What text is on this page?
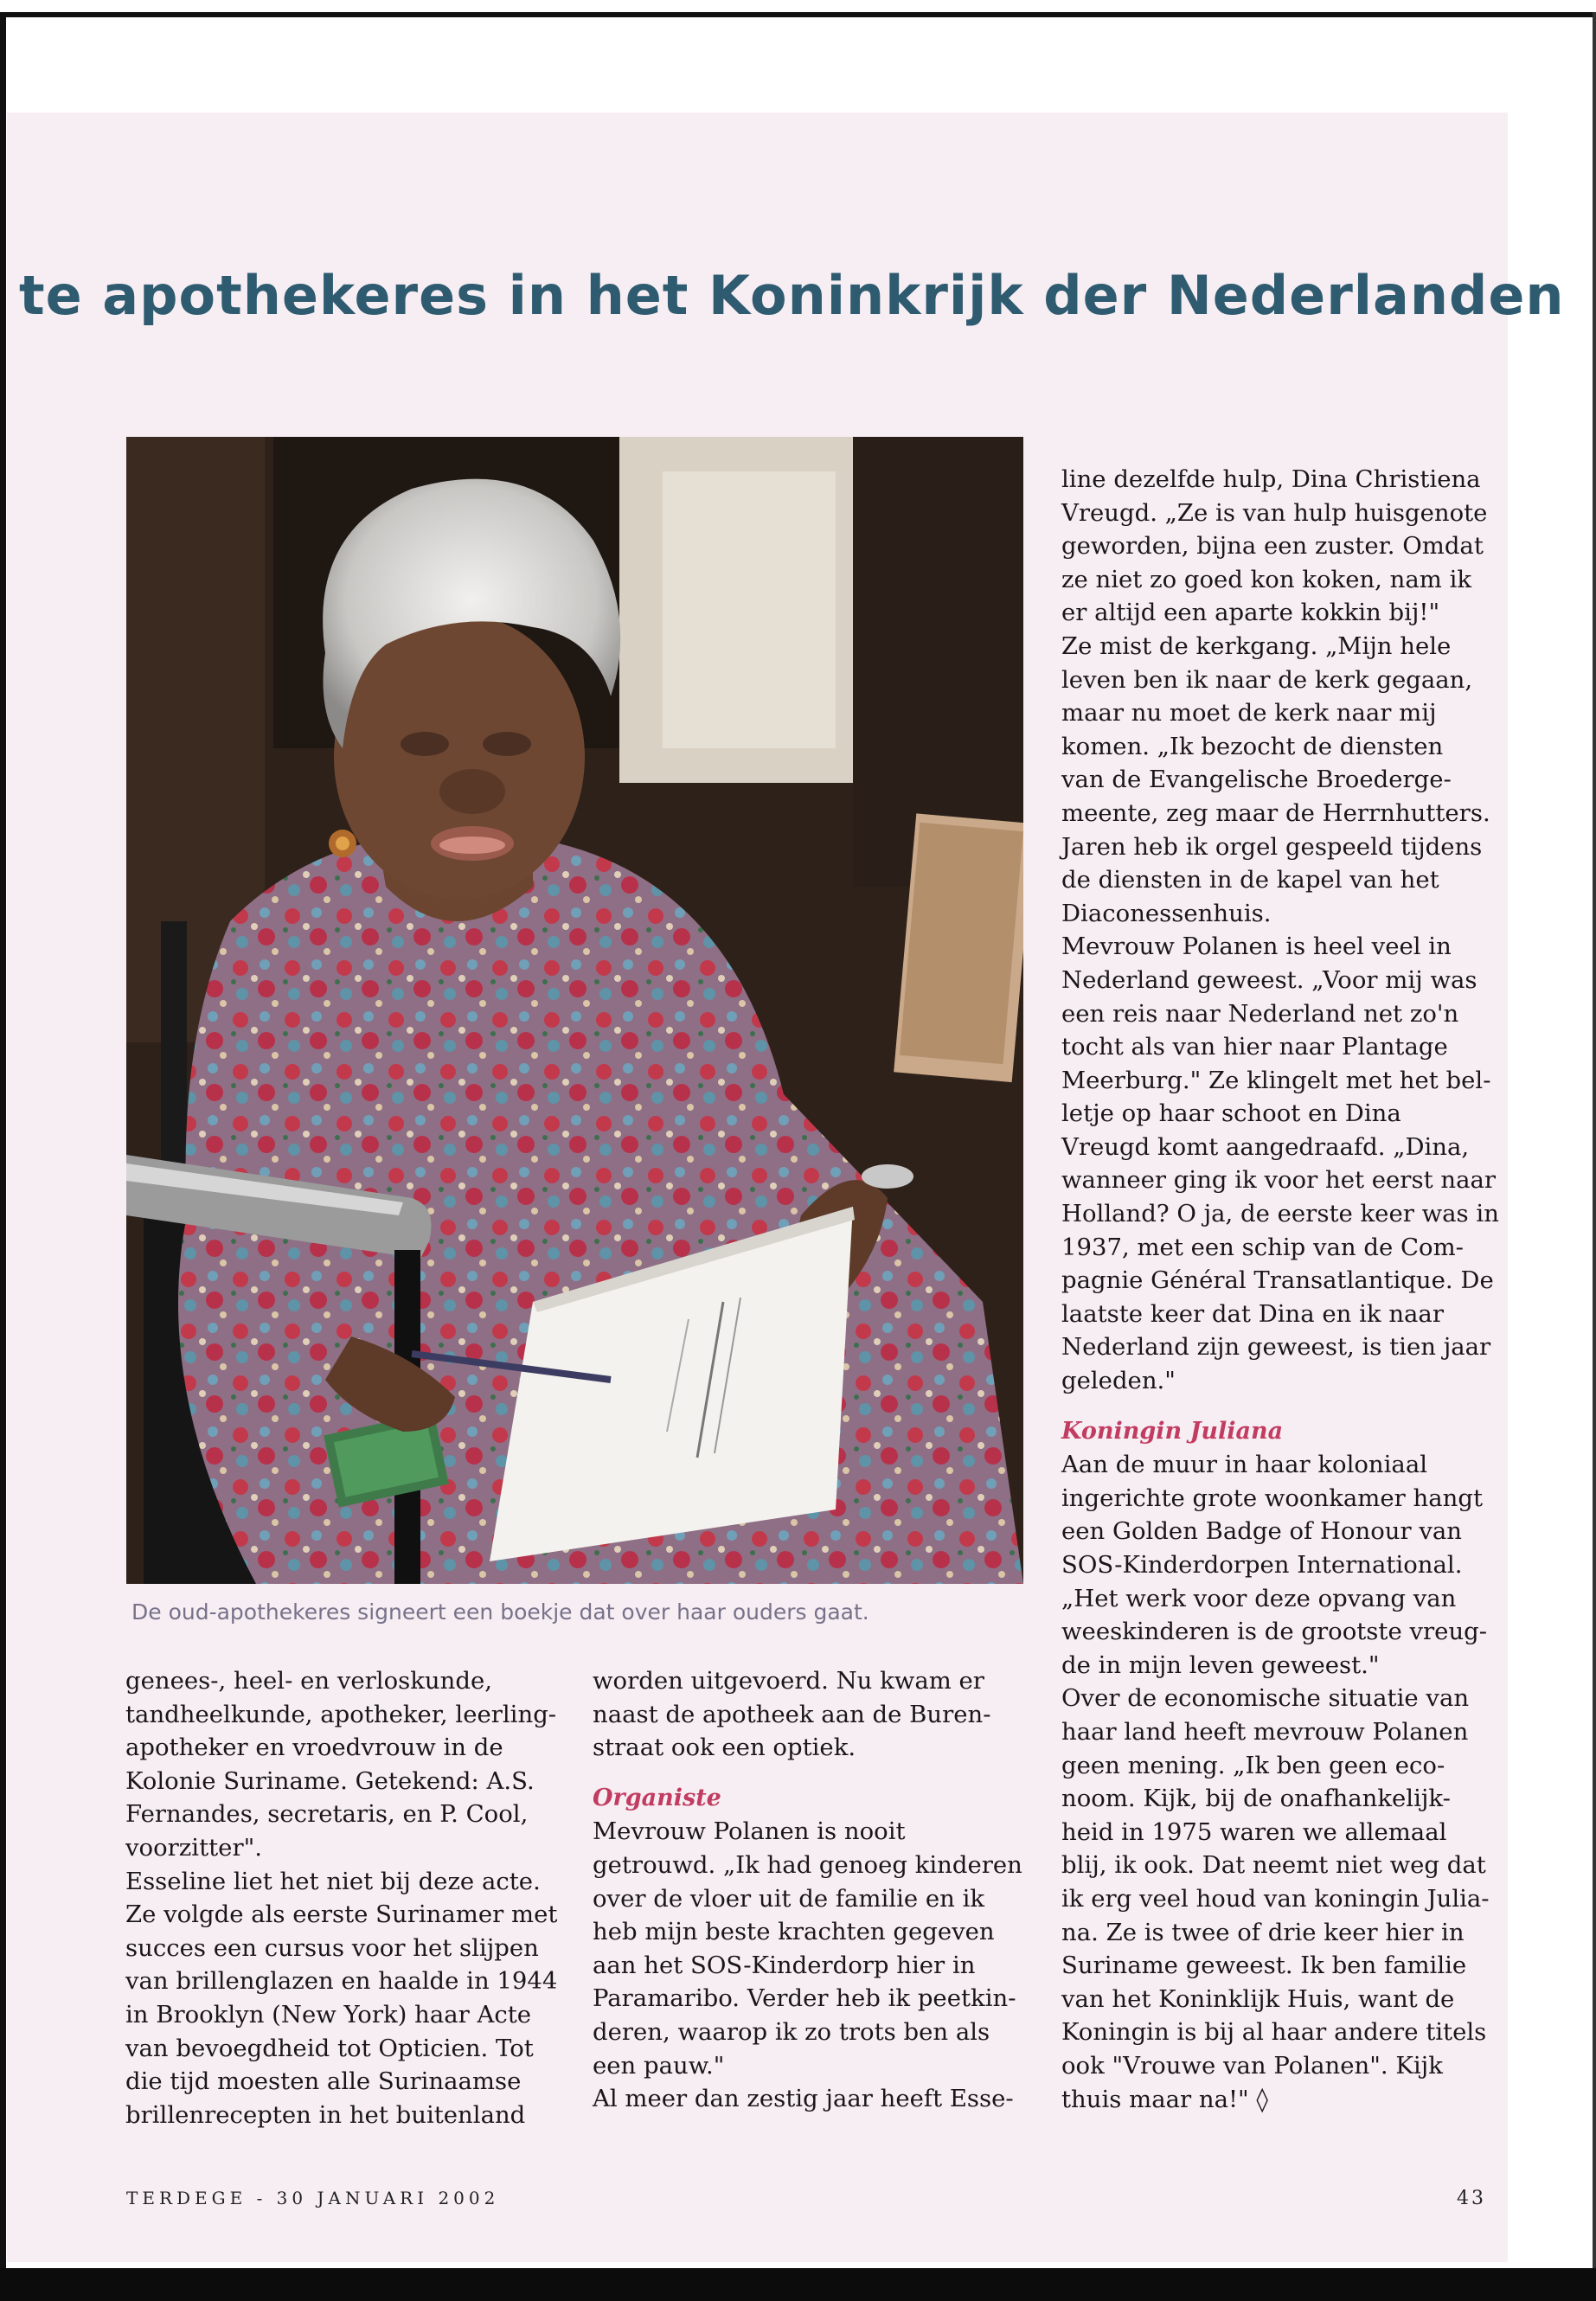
te apothekeres in het Koninkrijk der Nederlanden
De oud-apothekeres signeert een boekje dat over haar ouders gaat.

genees-, heel- en verloskunde,

tandheelkunde, apotheker, leerling-

apotheker en vroedvrouw in de

Kolonie Suriname. Getekend: A.S.

Fernandes, secretaris, en P. Cool,

voorzitter".

Esseline liet het niet bij deze acte.

Ze volgde als eerste Surinamer met

succes een cursus voor het slijpen

van brillenglazen en haalde in 1944

in Brooklyn (New York) haar Acte

van bevoegdheid tot Opticien. Tot

die tijd moesten alle Surinaamse

brillenrecepten in het buitenland

worden uitgevoerd. Nu kwam er

naast de apotheek aan de Buren-

straat ook een optiek.

Organiste

Mevrouw Polanen is nooit

getrouwd. „Ik had genoeg kinderen

over de vloer uit de familie en ik

heb mijn beste krachten gegeven

aan het SOS-Kinderdorp hier in

Paramaribo. Verder heb ik peetkin-

deren, waarop ik zo trots ben als

een pauw."

Al meer dan zestig jaar heeft Esse-

line dezelfde hulp, Dina Christiena

Vreugd. „Ze is van hulp huisgenote

geworden, bijna een zuster. Omdat

ze niet zo goed kon koken, nam ik

er altijd een aparte kokkin bij!"

Ze mist de kerkgang. „Mijn hele

leven ben ik naar de kerk gegaan,

maar nu moet de kerk naar mij

komen. „Ik bezocht de diensten

van de Evangelische Broederge-

meente, zeg maar de Herrnhutters.

Jaren heb ik orgel gespeeld tijdens

de diensten in de kapel van het

Diaconessenhuis.

Mevrouw Polanen is heel veel in

Nederland geweest. „Voor mij was

een reis naar Nederland net zo'n

tocht als van hier naar Plantage

Meerburg." Ze klingelt met het bel-

letje op haar schoot en Dina

Vreugd komt aangedraafd. „Dina,

wanneer ging ik voor het eerst naar

Holland? O ja, de eerste keer was in

1937, met een schip van de Com-

pagnie Général Transatlantique. De

laatste keer dat Dina en ik naar

Nederland zijn geweest, is tien jaar

geleden."

Koningin Juliana

Aan de muur in haar koloniaal

ingerichte grote woonkamer hangt

een Golden Badge of Honour van

SOS-Kinderdorpen International.

„Het werk voor deze opvang van

weeskinderen is de grootste vreug-

de in mijn leven geweest."

Over de economische situatie van

haar land heeft mevrouw Polanen

geen mening. „Ik ben geen eco-

noom. Kijk, bij de onafhankelijk-

heid in 1975 waren we allemaal

blij, ik ook. Dat neemt niet weg dat

ik erg veel houd van koningin Julia-

na. Ze is twee of drie keer hier in

Suriname geweest. Ik ben familie

van het Koninklijk Huis, want de

Koningin is bij al haar andere titels

ook "Vrouwe van Polanen". Kijk

thuis maar na!" ◊

TERDEGE - 30 JANUARI 2002	43
